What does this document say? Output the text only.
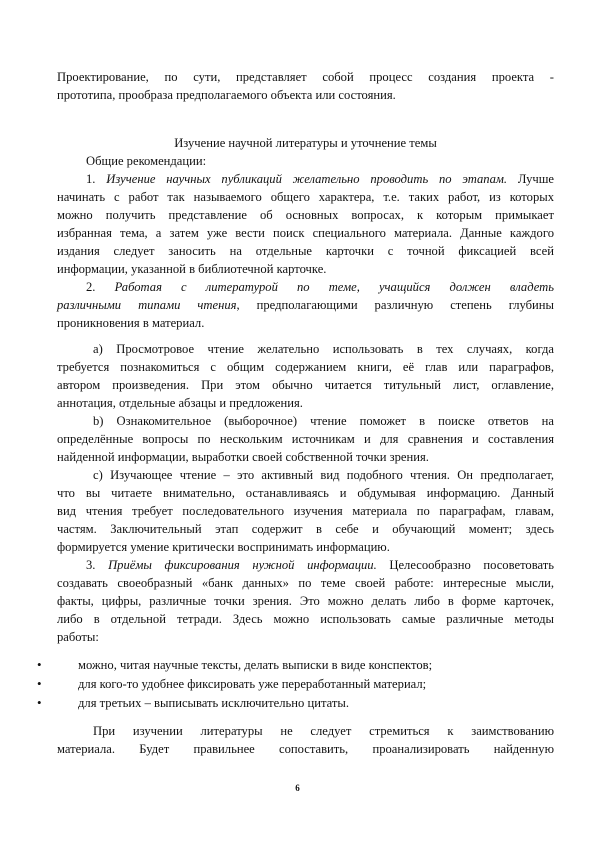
Проектирование, по сути, представляет собой процесс создания проекта -
прототипа, прообраза предполагаемого объекта или состояния.
Изучение научной литературы и уточнение темы
Общие рекомендации:
1. Изучение научных публикаций желательно проводить по этапам. Лучше
начинать с работ так называемого общего характера, т.е. таких работ, из которых
можно получить представление об основных вопросах, к которым примыкает
избранная тема, а затем уже вести поиск специального материала. Данные каждого
издания следует заносить на отдельные карточки с точной фиксацией всей
информации, указанной в библиотечной карточке.
2. Работая с литературой по теме, учащийся должен владеть
различными типами чтения, предполагающими различную степень глубины
проникновения в материал.
a) Просмотровое чтение желательно использовать в тех случаях, когда
требуется познакомиться с общим содержанием книги, её глав или параграфов,
автором произведения. При этом обычно читается титульный лист, оглавление,
аннотация, отдельные абзацы и предложения.
b) Ознакомительное (выборочное) чтение поможет в поиске ответов на
определённые вопросы по нескольким источникам и для сравнения и составления
найденной информации, выработки своей собственной точки зрения.
c) Изучающее чтение – это активный вид подобного чтения. Он предполагает,
что вы читаете внимательно, останавливаясь и обдумывая информацию. Данный
вид чтения требует последовательного изучения материала по параграфам, главам,
частям. Заключительный этап содержит в себе и обучающий момент; здесь
формируется умение критически воспринимать информацию.
3. Приёмы фиксирования нужной информации. Целесообразно посоветовать
создавать своеобразный «банк данных» по теме своей работе: интересные мысли,
факты, цифры, различные точки зрения. Это можно делать либо в форме карточек,
либо в отдельной тетради. Здесь можно использовать самые различные методы
работы:
•	можно, читая научные тексты, делать выписки в виде конспектов;
•	для кого-то удобнее фиксировать уже переработанный материал;
•	для третьих – выписывать исключительно цитаты.
При изучении литературы не следует стремиться к заимствованию
материала. Будет правильнее сопоставить, проанализировать найденную
6
